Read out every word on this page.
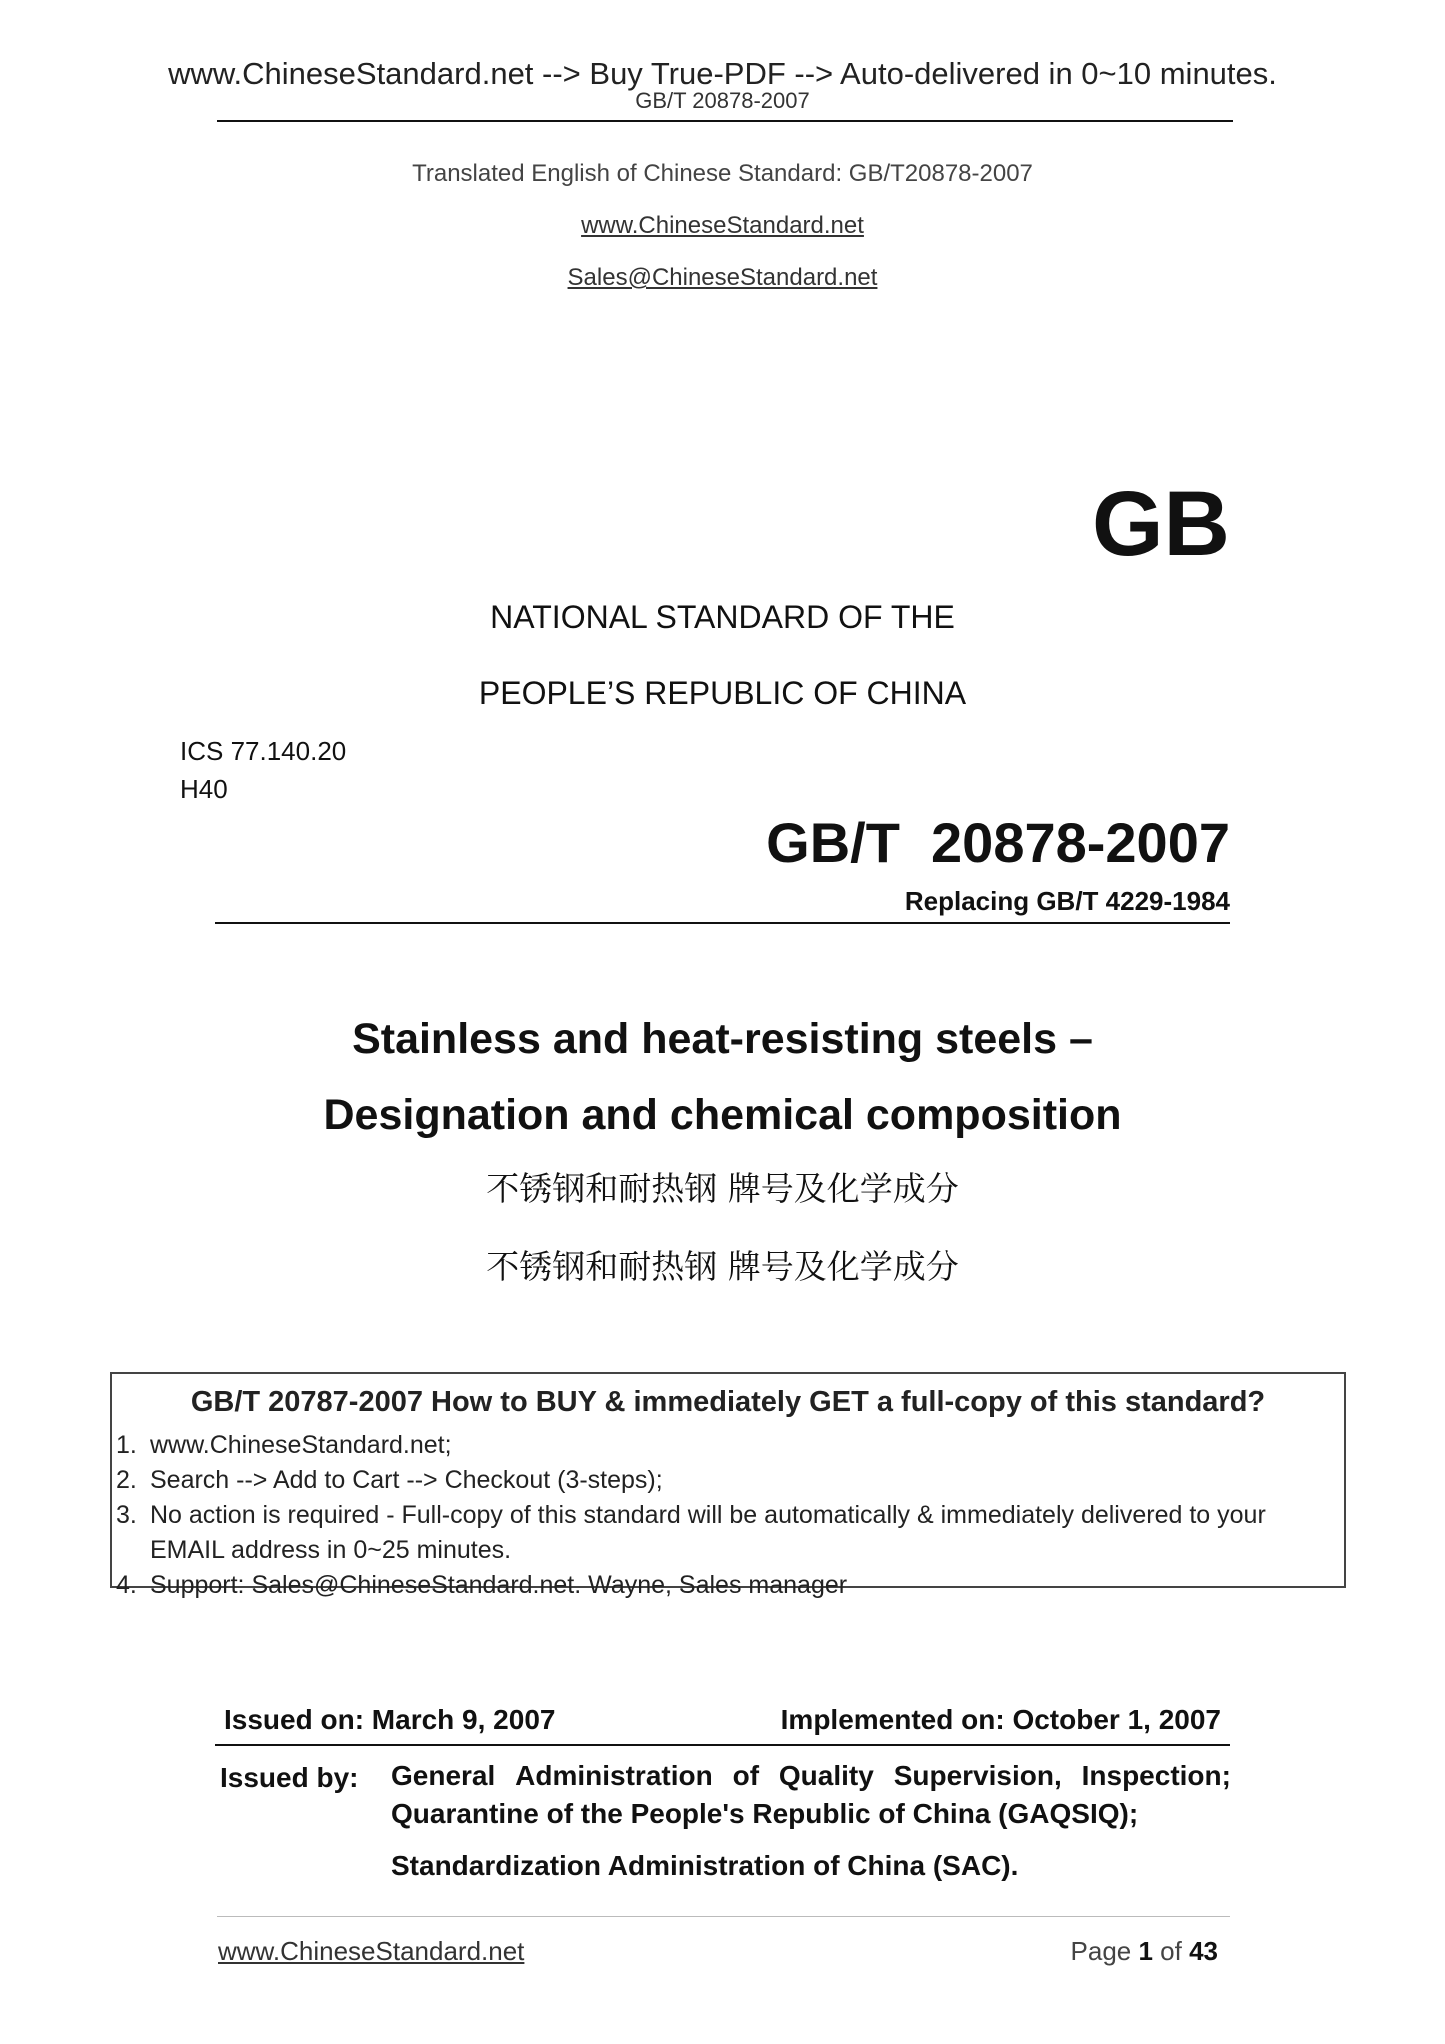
www.ChineseStandard.net --> Buy True-PDF --> Auto-delivered in 0~10 minutes.
GB/T 20878-2007
Translated English of Chinese Standard: GB/T20878-2007
www.ChineseStandard.net
Sales@ChineseStandard.net
GB
NATIONAL STANDARD OF THE
PEOPLE’S REPUBLIC OF CHINA
ICS 77.140.20
H40
GB/T  20878-2007
Replacing GB/T 4229-1984
Stainless and heat-resisting steels –
Designation and chemical composition
不锈钢和耐热钢 牌号及化学成分
不锈钢和耐热钢 牌号及化学成分
GB/T 20787-2007 How to BUY & immediately GET a full-copy of this standard?
1. www.ChineseStandard.net;
2. Search --> Add to Cart --> Checkout (3-steps);
3. No action is required - Full-copy of this standard will be automatically & immediately delivered to your EMAIL address in 0~25 minutes.
4. Support: Sales@ChineseStandard.net. Wayne, Sales manager
Issued on: March 9, 2007	Implemented on: October 1, 2007
Issued by: General Administration of Quality Supervision, Inspection;
Quarantine of the People's Republic of China (GAQSIQ);
Standardization Administration of China (SAC).
www.ChineseStandard.net	Page 1 of 43
